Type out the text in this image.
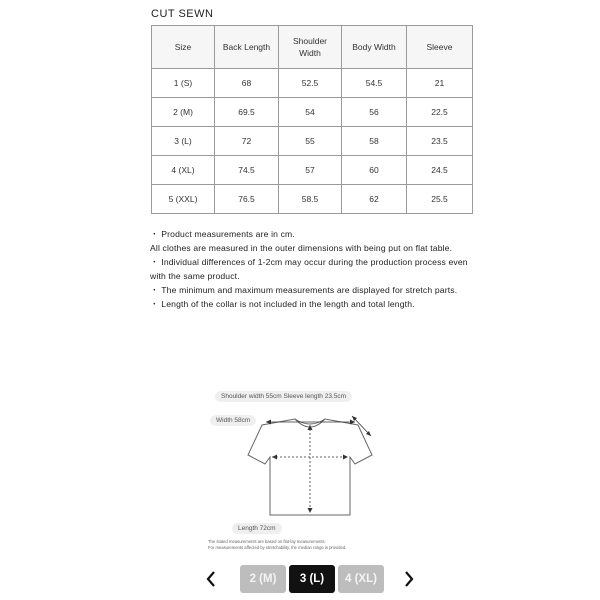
CUT SEWN
Size	Back Length	Shoulder Width	Body Width	Sleeve
1 (S)	68	52.5	54.5	21
2 (M)	69.5	54	56	22.5
3 (L)	72	55	58	23.5
4 (XL)	74.5	57	60	24.5
5 (XXL)	76.5	58.5	62	25.5

・ Product measurements are in cm.

All clothes are measured in the outer dimensions with being put on flat table.

・ Individual differences of 1-2cm may occur during the production process even with the same product.

・ The minimum and maximum measurements are displayed for stretch parts.

・ Length of the collar is not included in the length and total length.

Shoulder width 55cm Sleeve length 23.5cm
Width 58cm
Length 72cm
The stated measurements are based on flat-lay measurements.
For measurements affected by stretchability, the median range is provided.
2 (M)	3 (L)	4 (XL)
